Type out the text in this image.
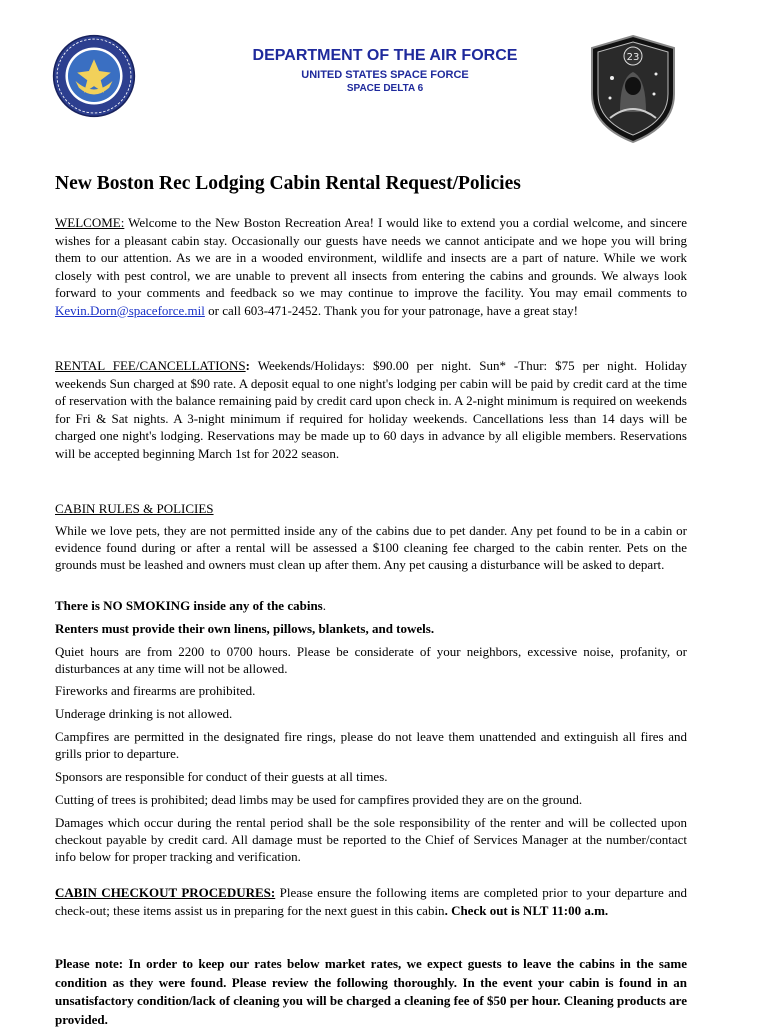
DEPARTMENT OF THE AIR FORCE
UNITED STATES SPACE FORCE
SPACE DELTA 6
23
New Boston Rec Lodging Cabin Rental Request/Policies
WELCOME: Welcome to the New Boston Recreation Area! I would like to extend you a cordial welcome, and sincere wishes for a pleasant cabin stay. Occasionally our guests have needs we cannot anticipate and we hope you will bring them to our attention. As we are in a wooded environment, wildlife and insects are a part of nature. While we work closely with pest control, we are unable to prevent all insects from entering the cabins and grounds. We always look forward to your comments and feedback so we may continue to improve the facility. You may email comments to Kevin.Dorn@spaceforce.mil or call 603-471-2452. Thank you for your patronage, have a great stay!
RENTAL FEE/CANCELLATIONS: Weekends/Holidays: $90.00 per night. Sun* -Thur: $75 per night. Holiday weekends Sun charged at $90 rate. A deposit equal to one night's lodging per cabin will be paid by credit card at the time of reservation with the balance remaining paid by credit card upon check in. A 2-night minimum is required on weekends for Fri & Sat nights. A 3-night minimum if required for holiday weekends. Cancellations less than 14 days will be charged one night's lodging. Reservations may be made up to 60 days in advance by all eligible members. Reservations will be accepted beginning March 1st for 2022 season.
CABIN RULES & POLICIES
While we love pets, they are not permitted inside any of the cabins due to pet dander. Any pet found to be in a cabin or evidence found during or after a rental will be assessed a $100 cleaning fee charged to the cabin renter. Pets on the grounds must be leashed and owners must clean up after them. Any pet causing a disturbance will be asked to depart.
There is NO SMOKING inside any of the cabins.
Renters must provide their own linens, pillows, blankets, and towels.
Quiet hours are from 2200 to 0700 hours. Please be considerate of your neighbors, excessive noise, profanity, or disturbances at any time will not be allowed.
Fireworks and firearms are prohibited.
Underage drinking is not allowed.
Campfires are permitted in the designated fire rings, please do not leave them unattended and extinguish all fires and grills prior to departure.
Sponsors are responsible for conduct of their guests at all times.
Cutting of trees is prohibited; dead limbs may be used for campfires provided they are on the ground.
Damages which occur during the rental period shall be the sole responsibility of the renter and will be collected upon checkout payable by credit card. All damage must be reported to the Chief of Services Manager at the number/contact info below for proper tracking and verification.
CABIN CHECKOUT PROCEDURES: Please ensure the following items are completed prior to your departure and check-out; these items assist us in preparing for the next guest in this cabin. Check out is NLT 11:00 a.m.
Please note: In order to keep our rates below market rates, we expect guests to leave the cabins in the same condition as they were found. Please review the following thoroughly. In the event your cabin is found in an unsatisfactory condition/lack of cleaning you will be charged a cleaning fee of $50 per hour. Cleaning products are provided.
